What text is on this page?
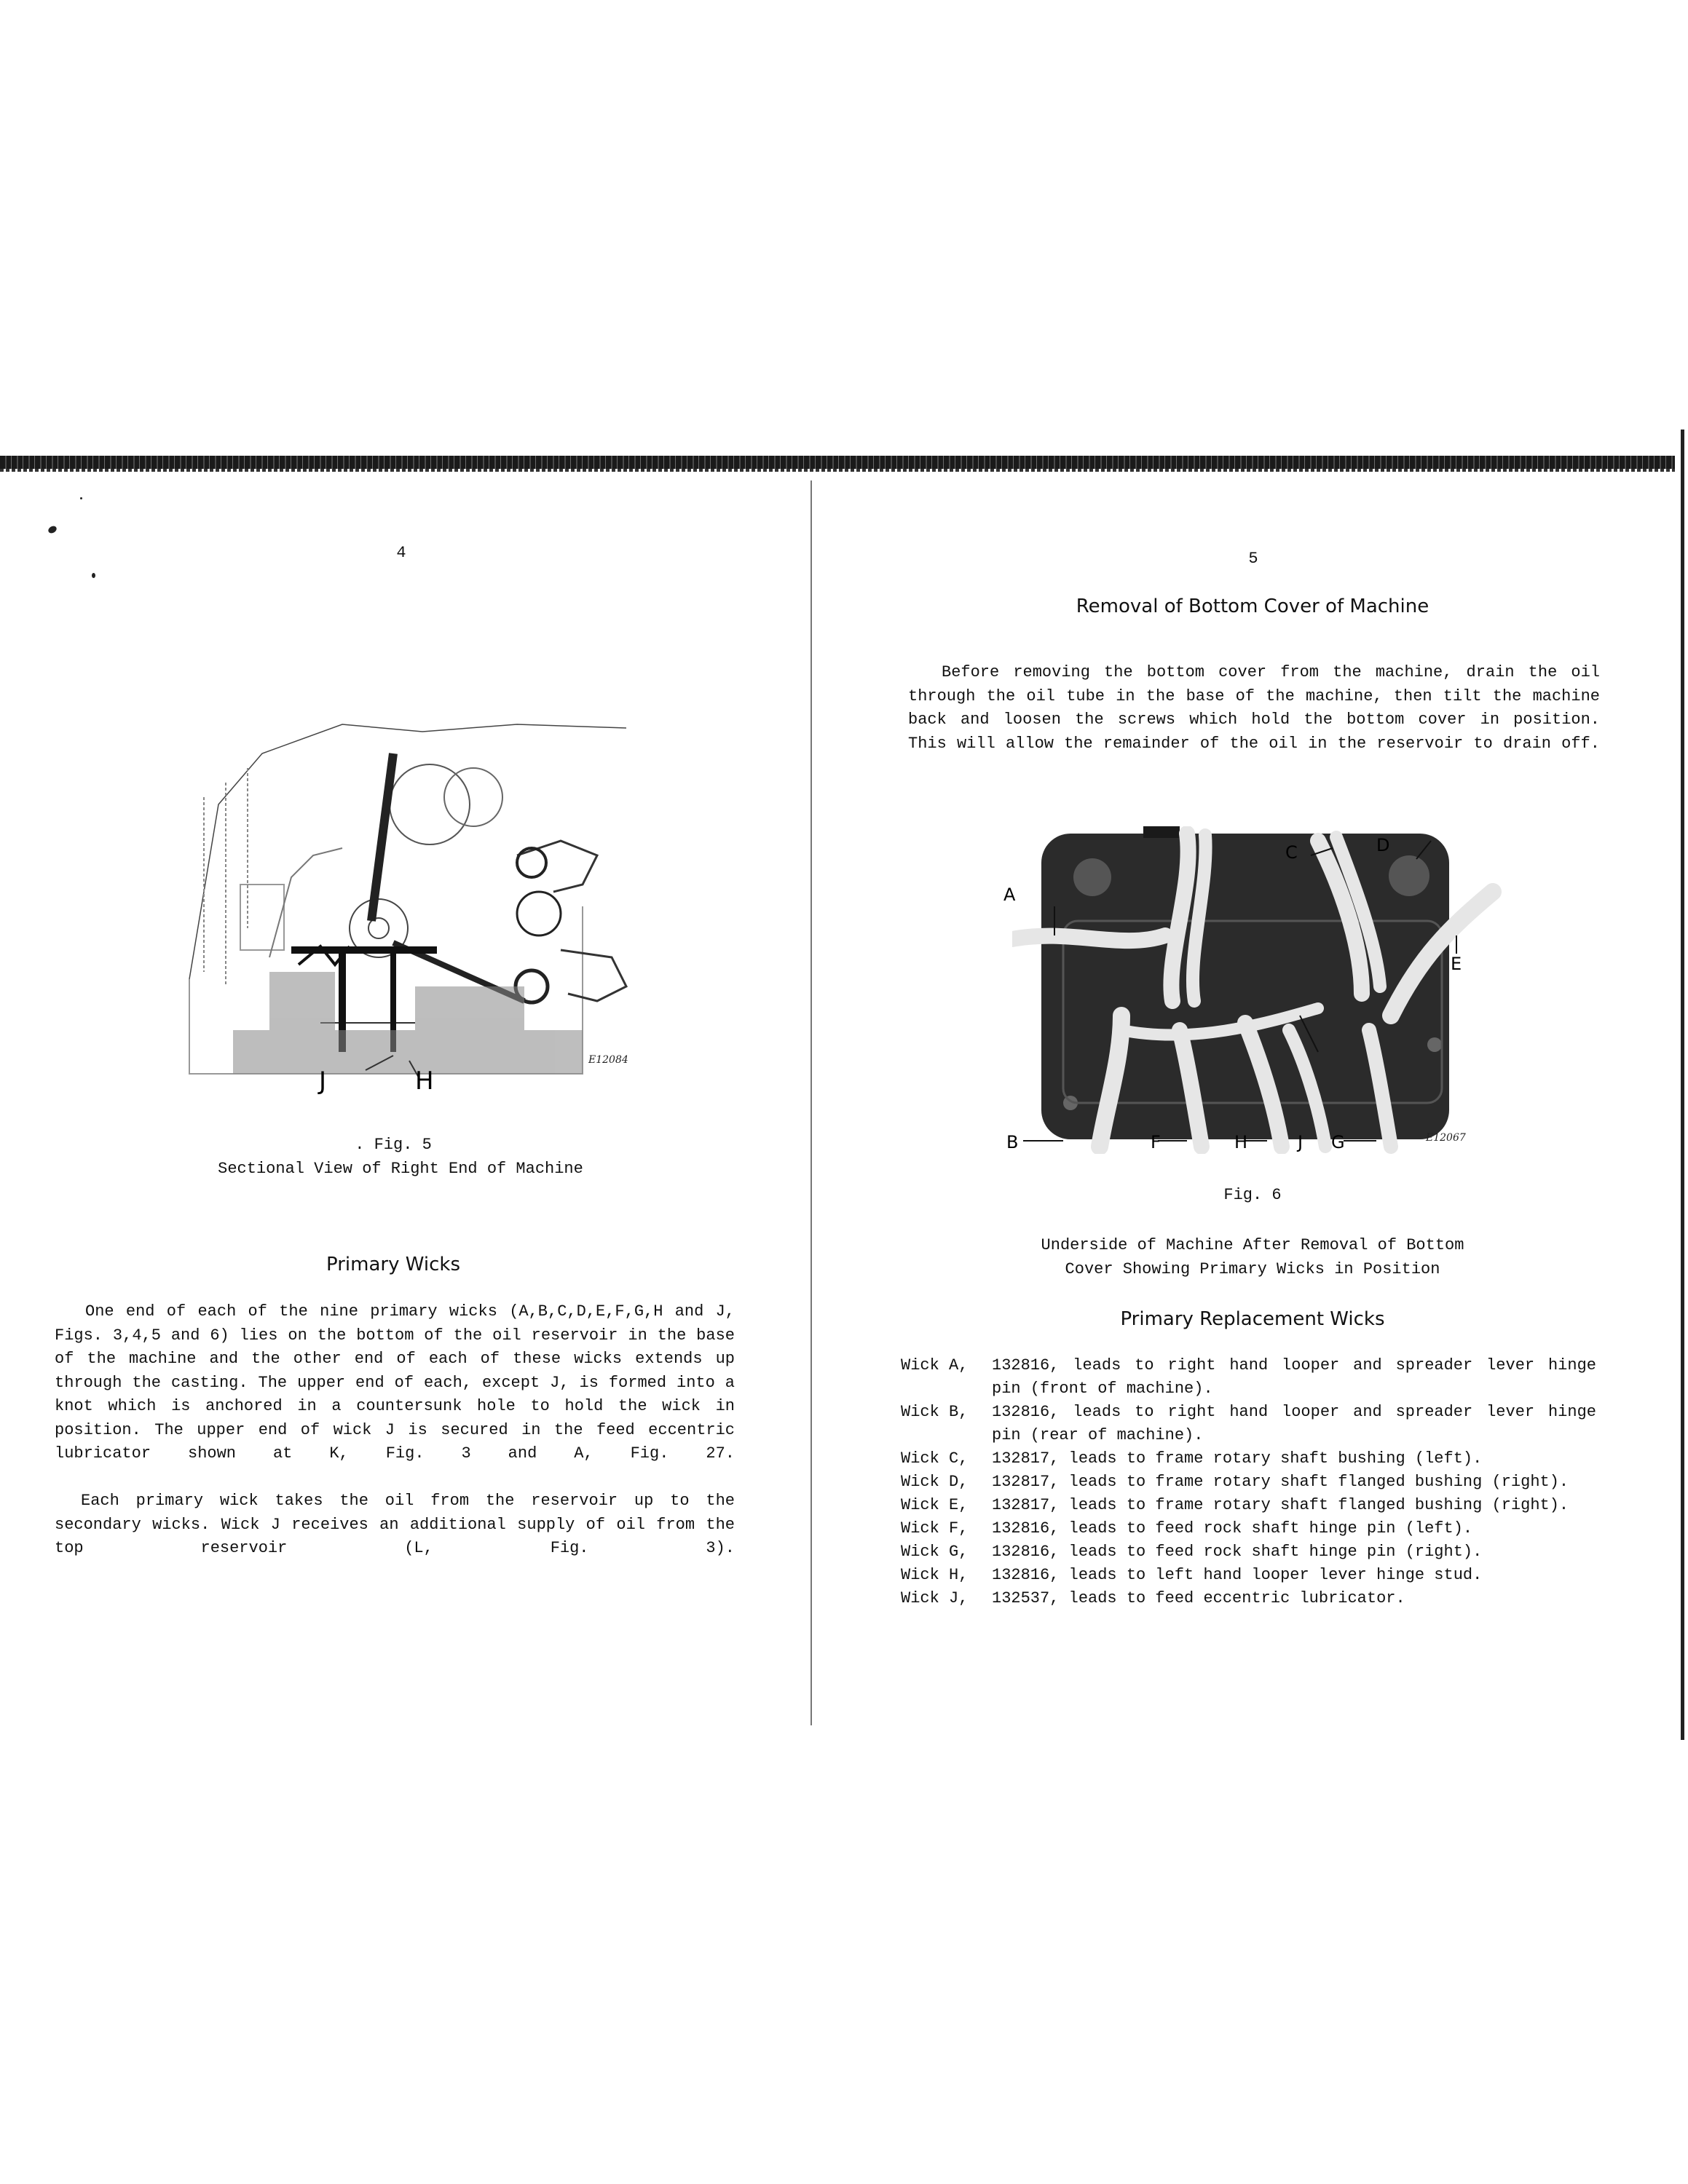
4
J	H
E12084
. Fig. 5
Sectional View of Right End of Machine
Primary Wicks
One end of each of the nine primary wicks (A,B,C,D,E,F,G,H and J, Figs. 3,4,5 and 6) lies on the bottom of the oil reservoir in the base of the machine and the other end of each of these wicks extends up through the casting. The upper end of each, except J, is formed into a knot which is anchored in a countersunk hole to hold the wick in position. The upper end of wick J is secured in the feed eccentric lubricator shown at K, Fig. 3 and A, Fig. 27.
Each primary wick takes the oil from the reservoir up to the secondary wicks. Wick J receives an additional supply of oil from the top reservoir (L, Fig. 3).
5
Removal of Bottom Cover of Machine
Before removing the bottom cover from the machine, drain the oil through the oil tube in the base of the machine, then tilt the machine back and loosen the screws which hold the bottom cover in position. This will allow the remainder of the oil in the reservoir to drain off.
A
C	D
E
B	F	H	J G	E12067
Fig. 6
Underside of Machine After Removal of Bottom
Cover Showing Primary Wicks in Position
Primary Replacement Wicks
Wick A,	132816, leads to right hand looper and spreader lever hinge pin (front of machine).
Wick B,	132816, leads to right hand looper and spreader lever hinge pin (rear of machine).
Wick C,	132817, leads to frame rotary shaft bushing (left).
Wick D,	132817, leads to frame rotary shaft flanged bushing (right).
Wick E,	132817, leads to frame rotary shaft flanged bushing (right).
Wick F,	132816, leads to feed rock shaft hinge pin (left).
Wick G,	132816, leads to feed rock shaft hinge pin (right).
Wick H,	132816, leads to left hand looper lever hinge stud.
Wick J,	132537, leads to feed eccentric lubricator.
